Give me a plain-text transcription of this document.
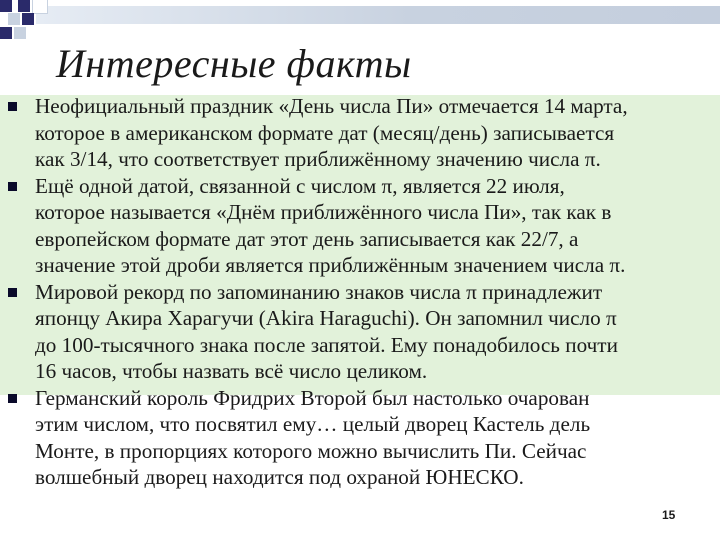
Интересные факты

Неофициальный праздник «День числа Пи» отмечается 14 марта,
которое в американском формате дат (месяц/день) записывается
как 3/14, что соответствует приближённому значению числа π.

Ещё одной датой, связанной с числом π, является 22 июля,
которое называется «Днём приближённого числа Пи», так как в
европейском формате дат этот день записывается как 22/7, а
значение этой дроби является приближённым значением числа π.

Мировой рекорд по запоминанию знаков числа π принадлежит
японцу Акира Харагучи (Akira Haraguchi). Он запомнил число π
до 100-тысячного знака после запятой. Ему понадобилось почти
16 часов, чтобы назвать всё число целиком.

Германский король Фридрих Второй был настолько очарован
этим числом, что посвятил ему… целый дворец Кастель дель
Монте, в пропорциях которого можно вычислить Пи. Сейчас
волшебный дворец находится под охраной ЮНЕСКО.

15
